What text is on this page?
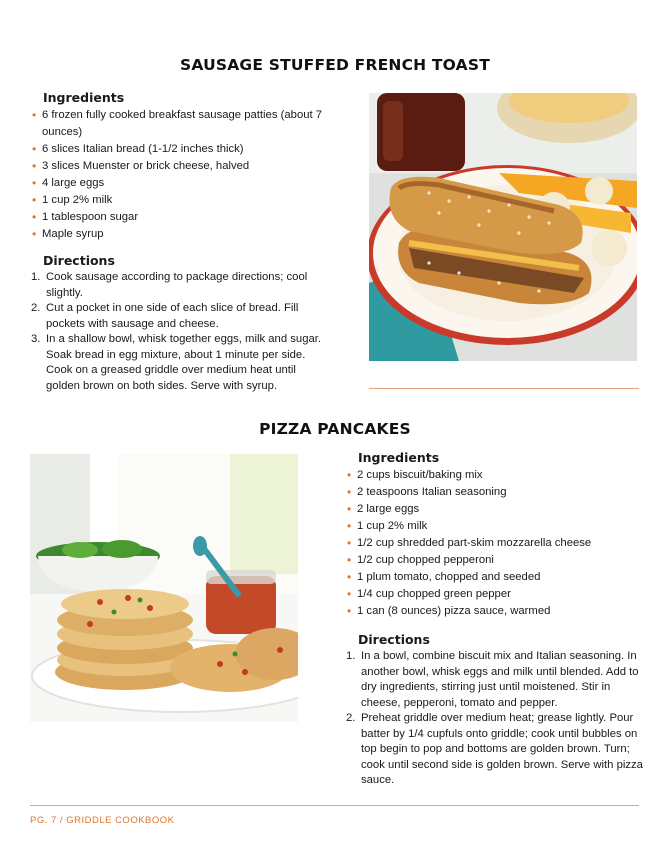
SAUSAGE STUFFED FRENCH TOAST
Ingredients
• 6 frozen fully cooked breakfast sausage patties (about 7 ounces)
• 6 slices Italian bread (1-1/2 inches thick)
• 3 slices Muenster or brick cheese, halved
• 4 large eggs
• 1 cup 2% milk
• 1 tablespoon sugar
• Maple syrup
Directions
1. Cook sausage according to package directions; cool slightly.
2. Cut a pocket in one side of each slice of bread. Fill pockets with sausage and cheese.
3. In a shallow bowl, whisk together eggs, milk and sugar. Soak bread in egg mixture, about 1 minute per side. Cook on a greased griddle over medium heat until golden brown on both sides. Serve with syrup.
PIZZA PANCAKES
Ingredients
• 2 cups biscuit/baking mix
• 2 teaspoons Italian seasoning
• 2 large eggs
• 1 cup 2% milk
• 1/2 cup shredded part-skim mozzarella cheese
• 1/2 cup chopped pepperoni
• 1 plum tomato, chopped and seeded
• 1/4 cup chopped green pepper
• 1 can (8 ounces) pizza sauce, warmed
Directions
1. In a bowl, combine biscuit mix and Italian seasoning. In another bowl, whisk eggs and milk until blended. Add to dry ingredients, stirring just until moistened. Stir in cheese, pepperoni, tomato and pepper.
2. Preheat griddle over medium heat; grease lightly. Pour batter by 1/4 cupfuls onto griddle; cook until bubbles on top begin to pop and bottoms are golden brown. Turn; cook until second side is golden brown. Serve with pizza sauce.
PG. 7 / GRIDDLE COOKBOOK
